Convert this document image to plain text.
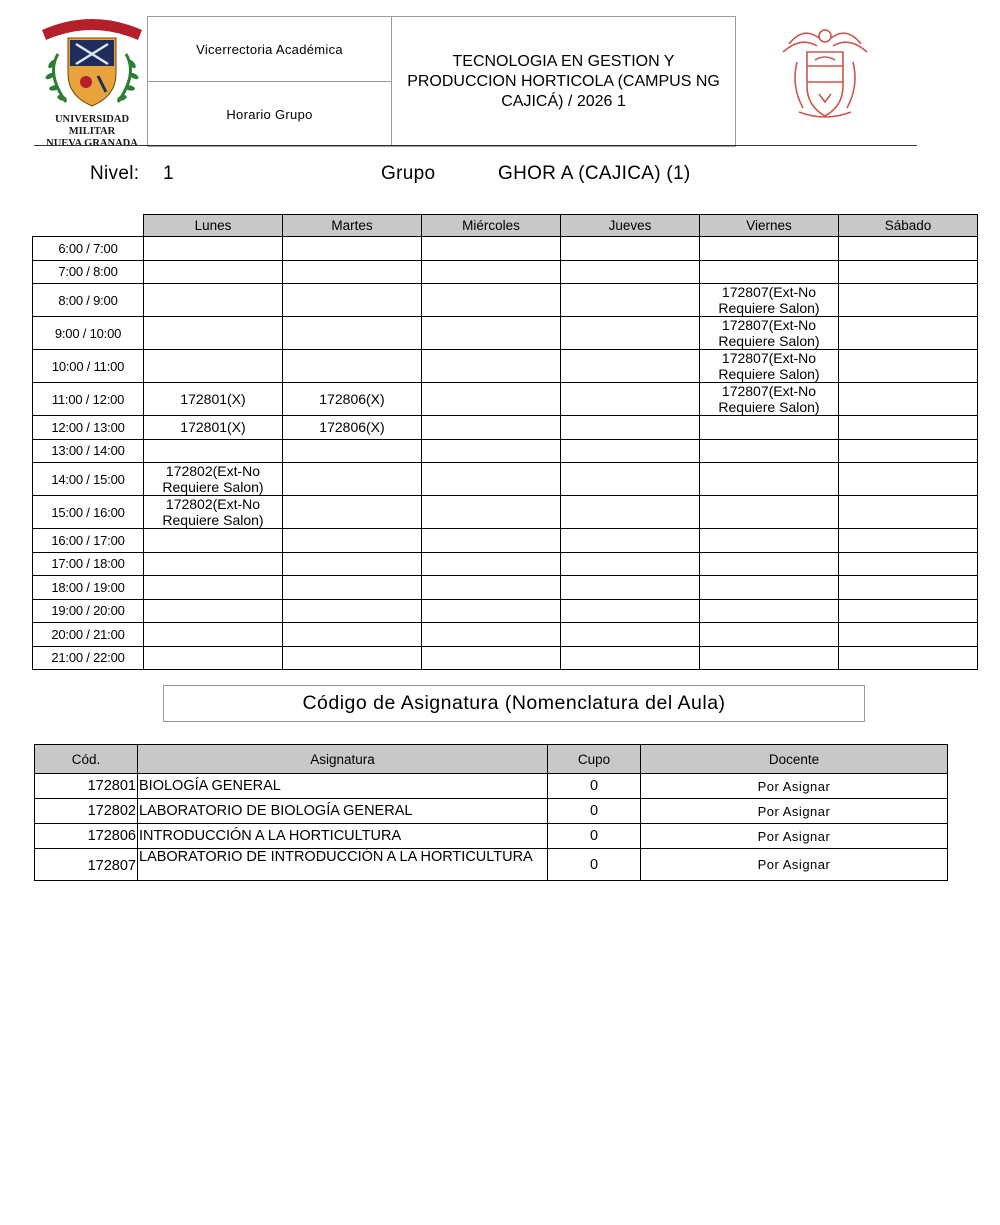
UNIVERSIDAD MILITAR
NUEVA GRANADA
Vicerrectoria Académica
Horario Grupo
TECNOLOGIA EN GESTION Y PRODUCCION HORTICOLA (CAMPUS NG CAJICÁ) / 2026 1
Nivel: 1	Grupo	GHOR A (CAJICA) (1)
	Lunes	Martes	Miércoles	Jueves	Viernes	Sábado
6:00 / 7:00						
7:00 / 8:00						
8:00 / 9:00					172807(Ext-No Requiere Salon)	
9:00 / 10:00					172807(Ext-No Requiere Salon)	
10:00 / 11:00					172807(Ext-No Requiere Salon)	
11:00 / 12:00	172801(X)	172806(X)			172807(Ext-No Requiere Salon)	
12:00 / 13:00	172801(X)	172806(X)				
13:00 / 14:00						
14:00 / 15:00	172802(Ext-No Requiere Salon)					
15:00 / 16:00	172802(Ext-No Requiere Salon)					
16:00 / 17:00						
17:00 / 18:00						
18:00 / 19:00						
19:00 / 20:00						
20:00 / 21:00						
21:00 / 22:00						
Código de Asignatura (Nomenclatura del Aula)
Cód.	Asignatura	Cupo	Docente
172801	BIOLOGÍA GENERAL	0	Por Asignar
172802	LABORATORIO DE BIOLOGÍA GENERAL	0	Por Asignar
172806	INTRODUCCIÓN A LA HORTICULTURA	0	Por Asignar
172807	LABORATORIO DE INTRODUCCIÓN A LA HORTICULTURA	0	Por Asignar
